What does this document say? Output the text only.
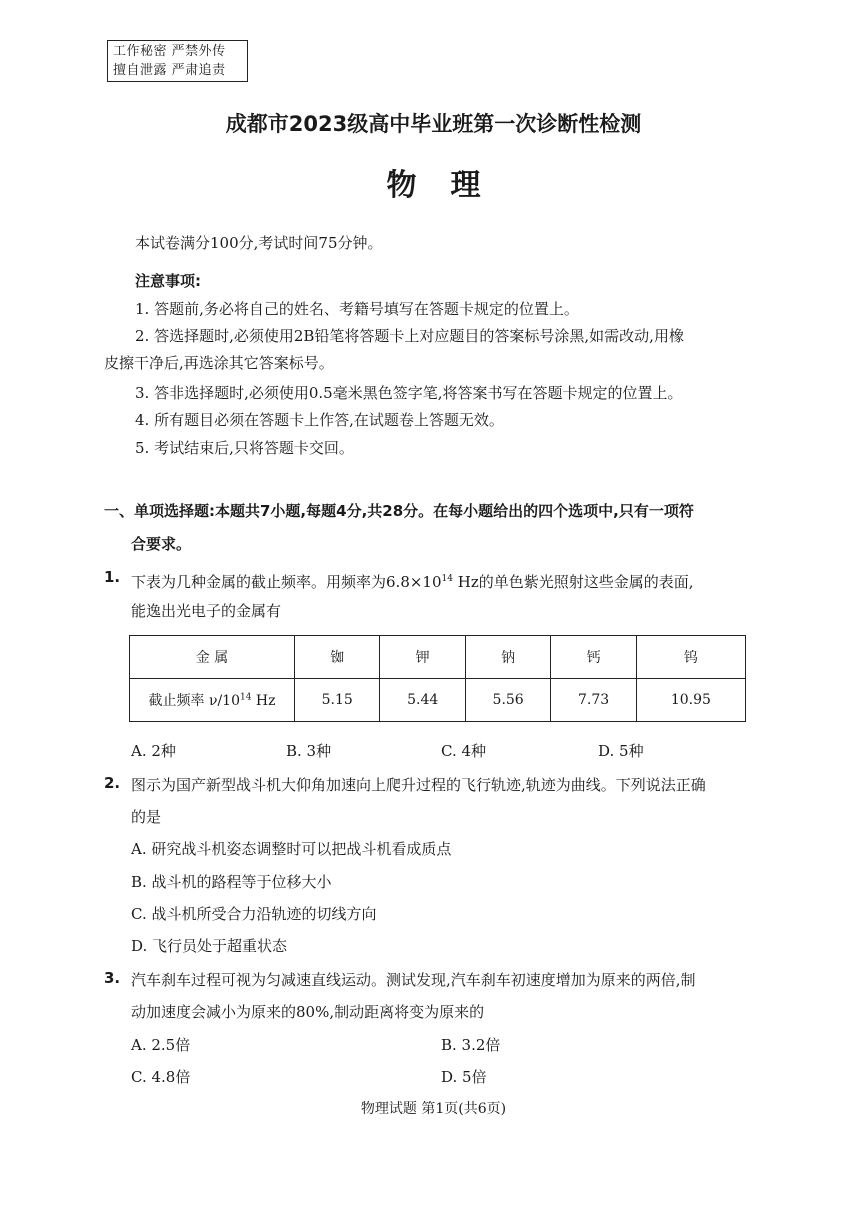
工作秘密 严禁外传
擅自泄露 严肃追责
成都市2023级高中毕业班第一次诊断性检测
物理
本试卷满分100分,考试时间75分钟。
注意事项:
1. 答题前,务必将自己的姓名、考籍号填写在答题卡规定的位置上。
2. 答选择题时,必须使用2B铅笔将答题卡上对应题目的答案标号涂黑,如需改动,用橡
皮擦干净后,再选涂其它答案标号。
3. 答非选择题时,必须使用0.5毫米黑色签字笔,将答案书写在答题卡规定的位置上。
4. 所有题目必须在答题卡上作答,在试题卷上答题无效。
5. 考试结束后,只将答题卡交回。
一、单项选择题:本题共7小题,每题4分,共28分。在每小题给出的四个选项中,只有一项符
合要求。
1. 下表为几种金属的截止频率。用频率为$6.8\times 10^{14}$ Hz的单色紫光照射这些金属的表面,
能逸出光电子的金属有
金 属	铷	钾	钠	钙	钨
截止频率 $\nu/10^{14}$ Hz	5.15	5.44	5.56	7.73	10.95
A. 2种	B. 3种	C. 4种	D. 5种
2. 图示为国产新型战斗机大仰角加速向上爬升过程的飞行轨迹,轨迹为曲线。下列说法正确
的是
A. 研究战斗机姿态调整时可以把战斗机看成质点
B. 战斗机的路程等于位移大小
C. 战斗机所受合力沿轨迹的切线方向
D. 飞行员处于超重状态
3. 汽车刹车过程可视为匀减速直线运动。测试发现,汽车刹车初速度增加为原来的两倍,制
动加速度会减小为原来的80%,制动距离将变为原来的
A. 2.5倍	B. 3.2倍
C. 4.8倍	D. 5倍
物理试题 第1页(共6页)
